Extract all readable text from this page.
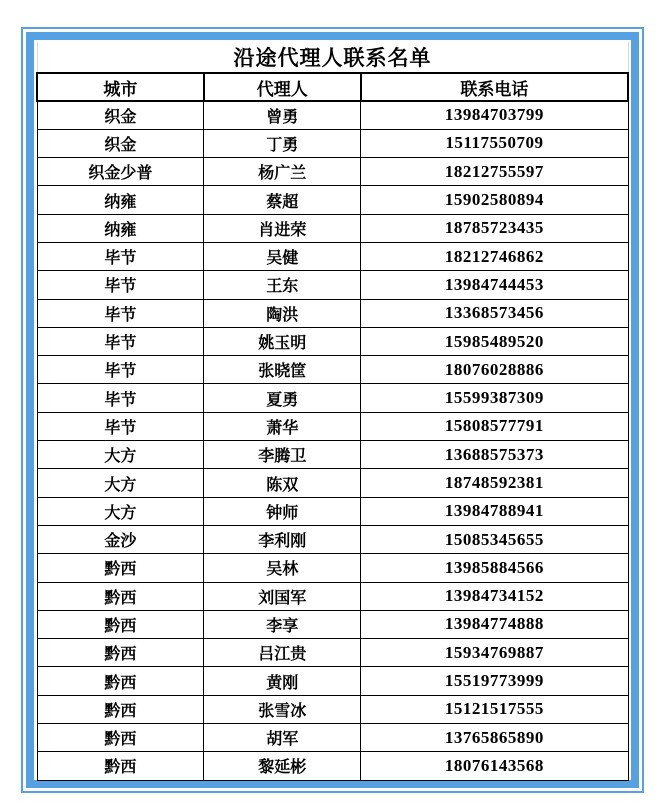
沿途代理人联系名单		
城市	代理人	联系电话
织金	曾勇	13984703799
织金	丁勇	15117550709
织金少普	杨广兰	18212755597
纳雍	蔡超	15902580894
纳雍	肖进荣	18785723435
毕节	吴健	18212746862
毕节	王东	13984744453
毕节	陶洪	13368573456
毕节	姚玉明	15985489520
毕节	张晓筐	18076028886
毕节	夏勇	15599387309
毕节	萧华	15808577791
大方	李腾卫	13688575373
大方	陈双	18748592381
大方	钟师	13984788941
金沙	李利刚	15085345655
黔西	吴林	13985884566
黔西	刘国军	13984734152
黔西	李享	13984774888
黔西	吕江贵	15934769887
黔西	黄刚	15519773999
黔西	张雪冰	15121517555
黔西	胡军	13765865890
黔西	黎延彬	18076143568
